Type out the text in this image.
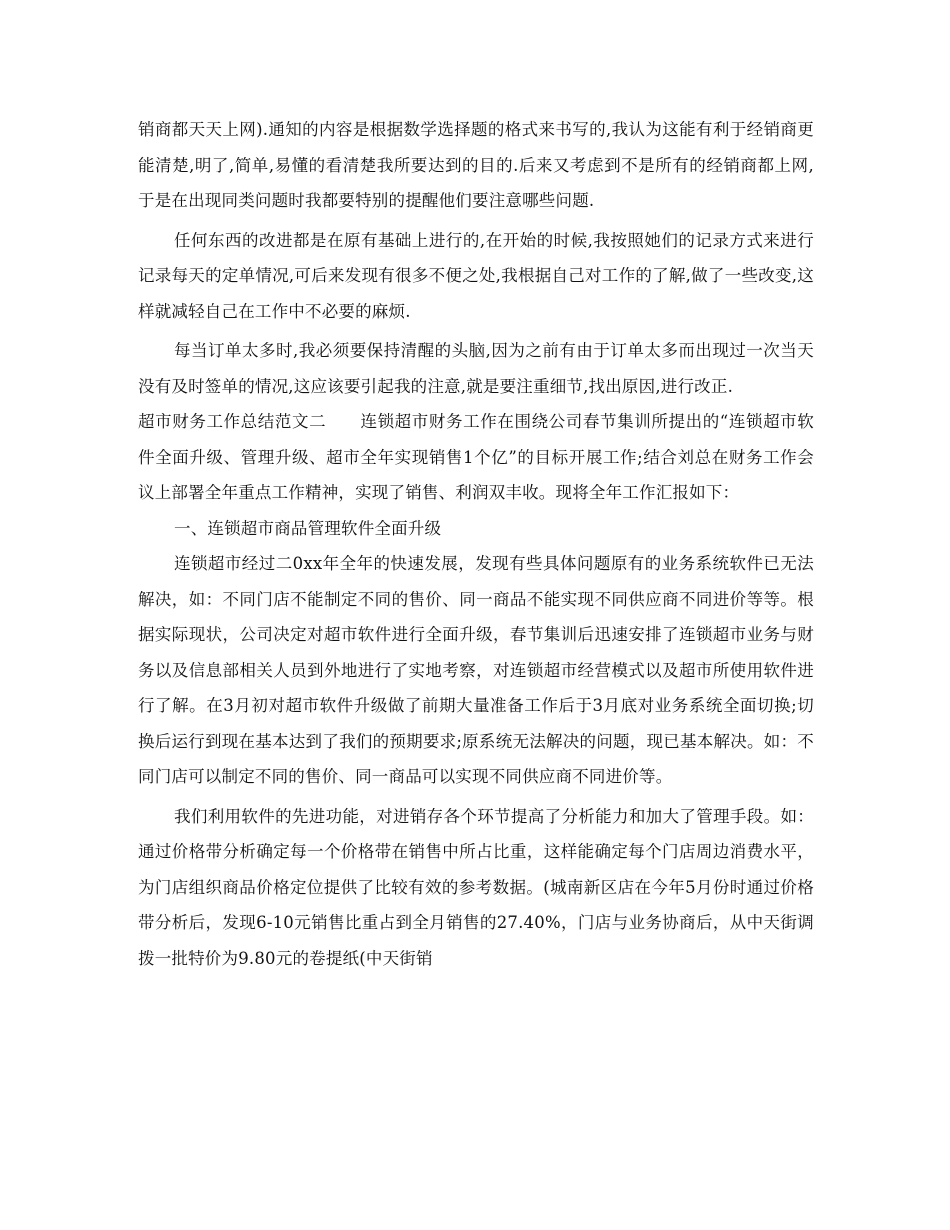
销商都天天上网).通知的内容是根据数学选择题的格式来书写的,我认为这能有利于经销商更能清楚,明了,简单,易懂的看清楚我所要达到的目的.后来又考虑到不是所有的经销商都上网,于是在出现同类问题时我都要特别的提醒他们要注意哪些问题.

任何东西的改进都是在原有基础上进行的,在开始的时候,我按照她们的记录方式来进行记录每天的定单情况,可后来发现有很多不便之处,我根据自己对工作的了解,做了一些改变,这样就减轻自己在工作中不必要的麻烦.

每当订单太多时,我必须要保持清醒的头脑,因为之前有由于订单太多而出现过一次当天没有及时签单的情况,这应该要引起我的注意,就是要注重细节,找出原因,进行改正.

超市财务工作总结范文二　　连锁超市财务工作在围绕公司春节集训所提出的“连锁超市软件全面升级、管理升级、超市全年实现销售1个亿”的目标开展工作;结合刘总在财务工作会议上部署全年重点工作精神，实现了销售、利润双丰收。现将全年工作汇报如下：

一、连锁超市商品管理软件全面升级

连锁超市经过二0xx年全年的快速发展，发现有些具体问题原有的业务系统软件已无法解决，如：不同门店不能制定不同的售价、同一商品不能实现不同供应商不同进价等等。根据实际现状，公司决定对超市软件进行全面升级，春节集训后迅速安排了连锁超市业务与财务以及信息部相关人员到外地进行了实地考察，对连锁超市经营模式以及超市所使用软件进行了解。在3月初对超市软件升级做了前期大量准备工作后于3月底对业务系统全面切换;切换后运行到现在基本达到了我们的预期要求;原系统无法解决的问题，现已基本解决。如：不同门店可以制定不同的售价、同一商品可以实现不同供应商不同进价等。

我们利用软件的先进功能，对进销存各个环节提高了分析能力和加大了管理手段。如：通过价格带分析确定每一个价格带在销售中所占比重，这样能确定每个门店周边消费水平，为门店组织商品价格定位提供了比较有效的参考数据。(城南新区店在今年5月份时通过价格带分析后，发现6-10元销售比重占到全月销售的27.40%，门店与业务协商后，从中天街调拨一批特价为9.80元的卷提纸(中天街销
